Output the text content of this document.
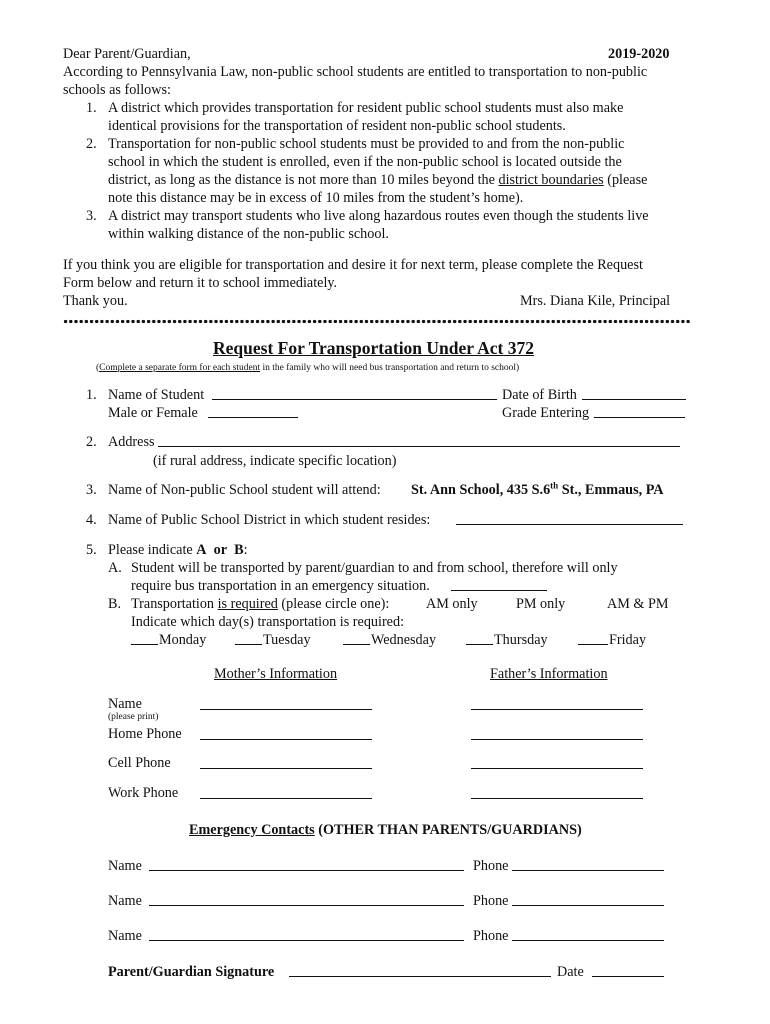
Dear Parent/Guardian,	2019-2020
According to Pennsylvania Law, non-public school students are entitled to transportation to non-public
schools as follows:
1. A district which provides transportation for resident public school students must also make
identical provisions for the transportation of resident non-public school students.
2. Transportation for non-public school students must be provided to and from the non-public
school in which the student is enrolled, even if the non-public school is located outside the
district, as long as the distance is not more than 10 miles beyond the district boundaries (please
note this distance may be in excess of 10 miles from the student’s home).
3. A district may transport students who live along hazardous routes even though the students live
within walking distance of the non-public school.
If you think you are eligible for transportation and desire it for next term, please complete the Request
Form below and return it to school immediately.
Thank you.	Mrs. Diana Kile, Principal
Request For Transportation Under Act 372
(Complete a separate form for each student in the family who will need bus transportation and return to school)
1. Name of Student	Date of Birth
Male or Female	Grade Entering
2. Address
(if rural address, indicate specific location)
3. Name of Non-public School student will attend: St. Ann School, 435 S.6th St., Emmaus, PA
4. Name of Public School District in which student resides:
5. Please indicate A or B:
A. Student will be transported by parent/guardian to and from school, therefore will only
require bus transportation in an emergency situation.
B. Transportation is required (please circle one):	AM only	PM only	AM & PM
Indicate which day(s) transportation is required:
Monday	Tuesday	Wednesday	Thursday	Friday
Mother’s Information	Father’s Information
Name
(please print)
Home Phone
Cell Phone
Work Phone
Emergency Contacts (OTHER THAN PARENTS/GUARDIANS)
Name	Phone
Name	Phone
Name	Phone
Parent/Guardian Signature	Date
